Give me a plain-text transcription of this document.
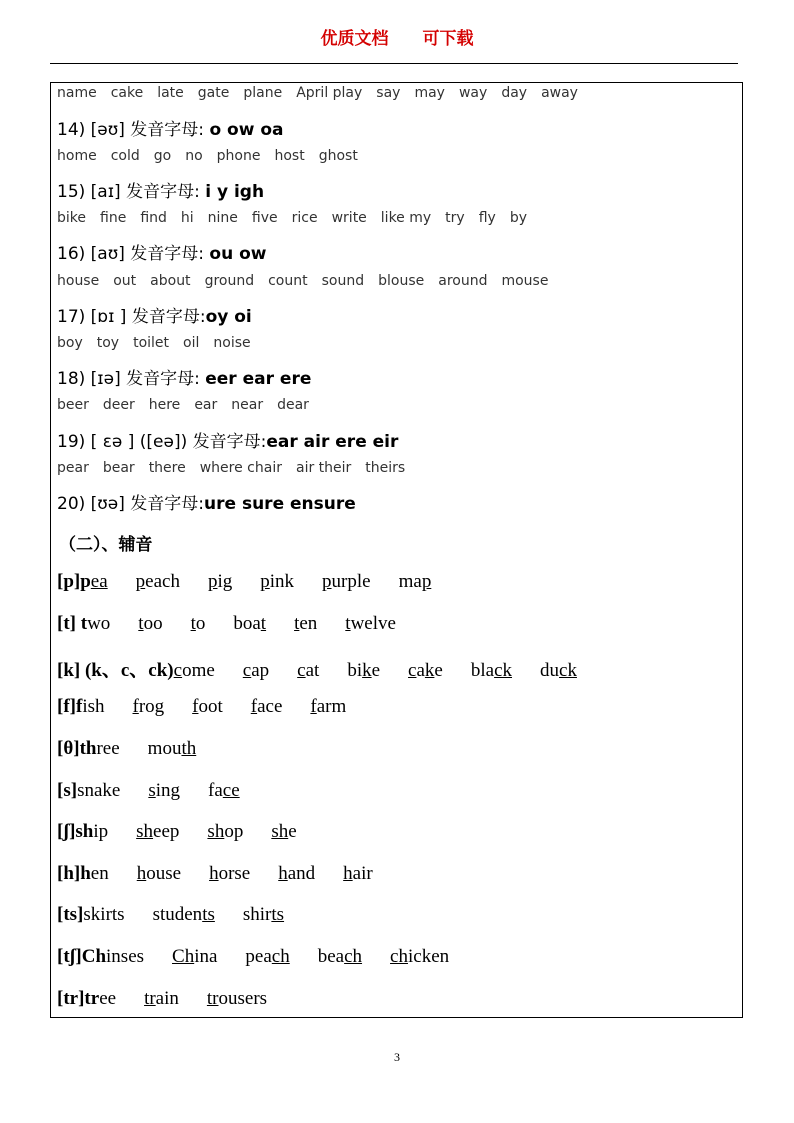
优质文档 可下载
name cake late gate plane April play say may way day away
14) [əʊ] 发音字母: o ow oa
home cold go no phone host ghost
15) [aɪ] 发音字母: i y igh
bike fine find hi nine five rice write like my try fly by
16) [aʊ] 发音字母: ou ow
house out about ground count sound blouse around mouse
17) [ɒɪ ] 发音字母:oy oi
boy toy toilet oil noise
18) [ɪə] 发音字母: eer ear ere
beer deer here ear near dear
19) [ ɛə ] ([eə]) 发音字母:ear air ere eir
pear bear there where chair air their theirs
20) [ʊə] 发音字母:ure sure ensure
（二）、辅音
[p]pea peach pig pink purple map
[t] two too to boat ten twelve
[k] (k、c、ck)come cap cat bike cake black duck
[f]fish frog foot face farm
[θ]three mouth
[s]snake sing face
[ʃ]ship sheep shop she
[h]hen house horse hand hair
[ts]skirts students shirts
[tʃ]Chinses China peach beach chicken
[tr]tree train trousers
3
